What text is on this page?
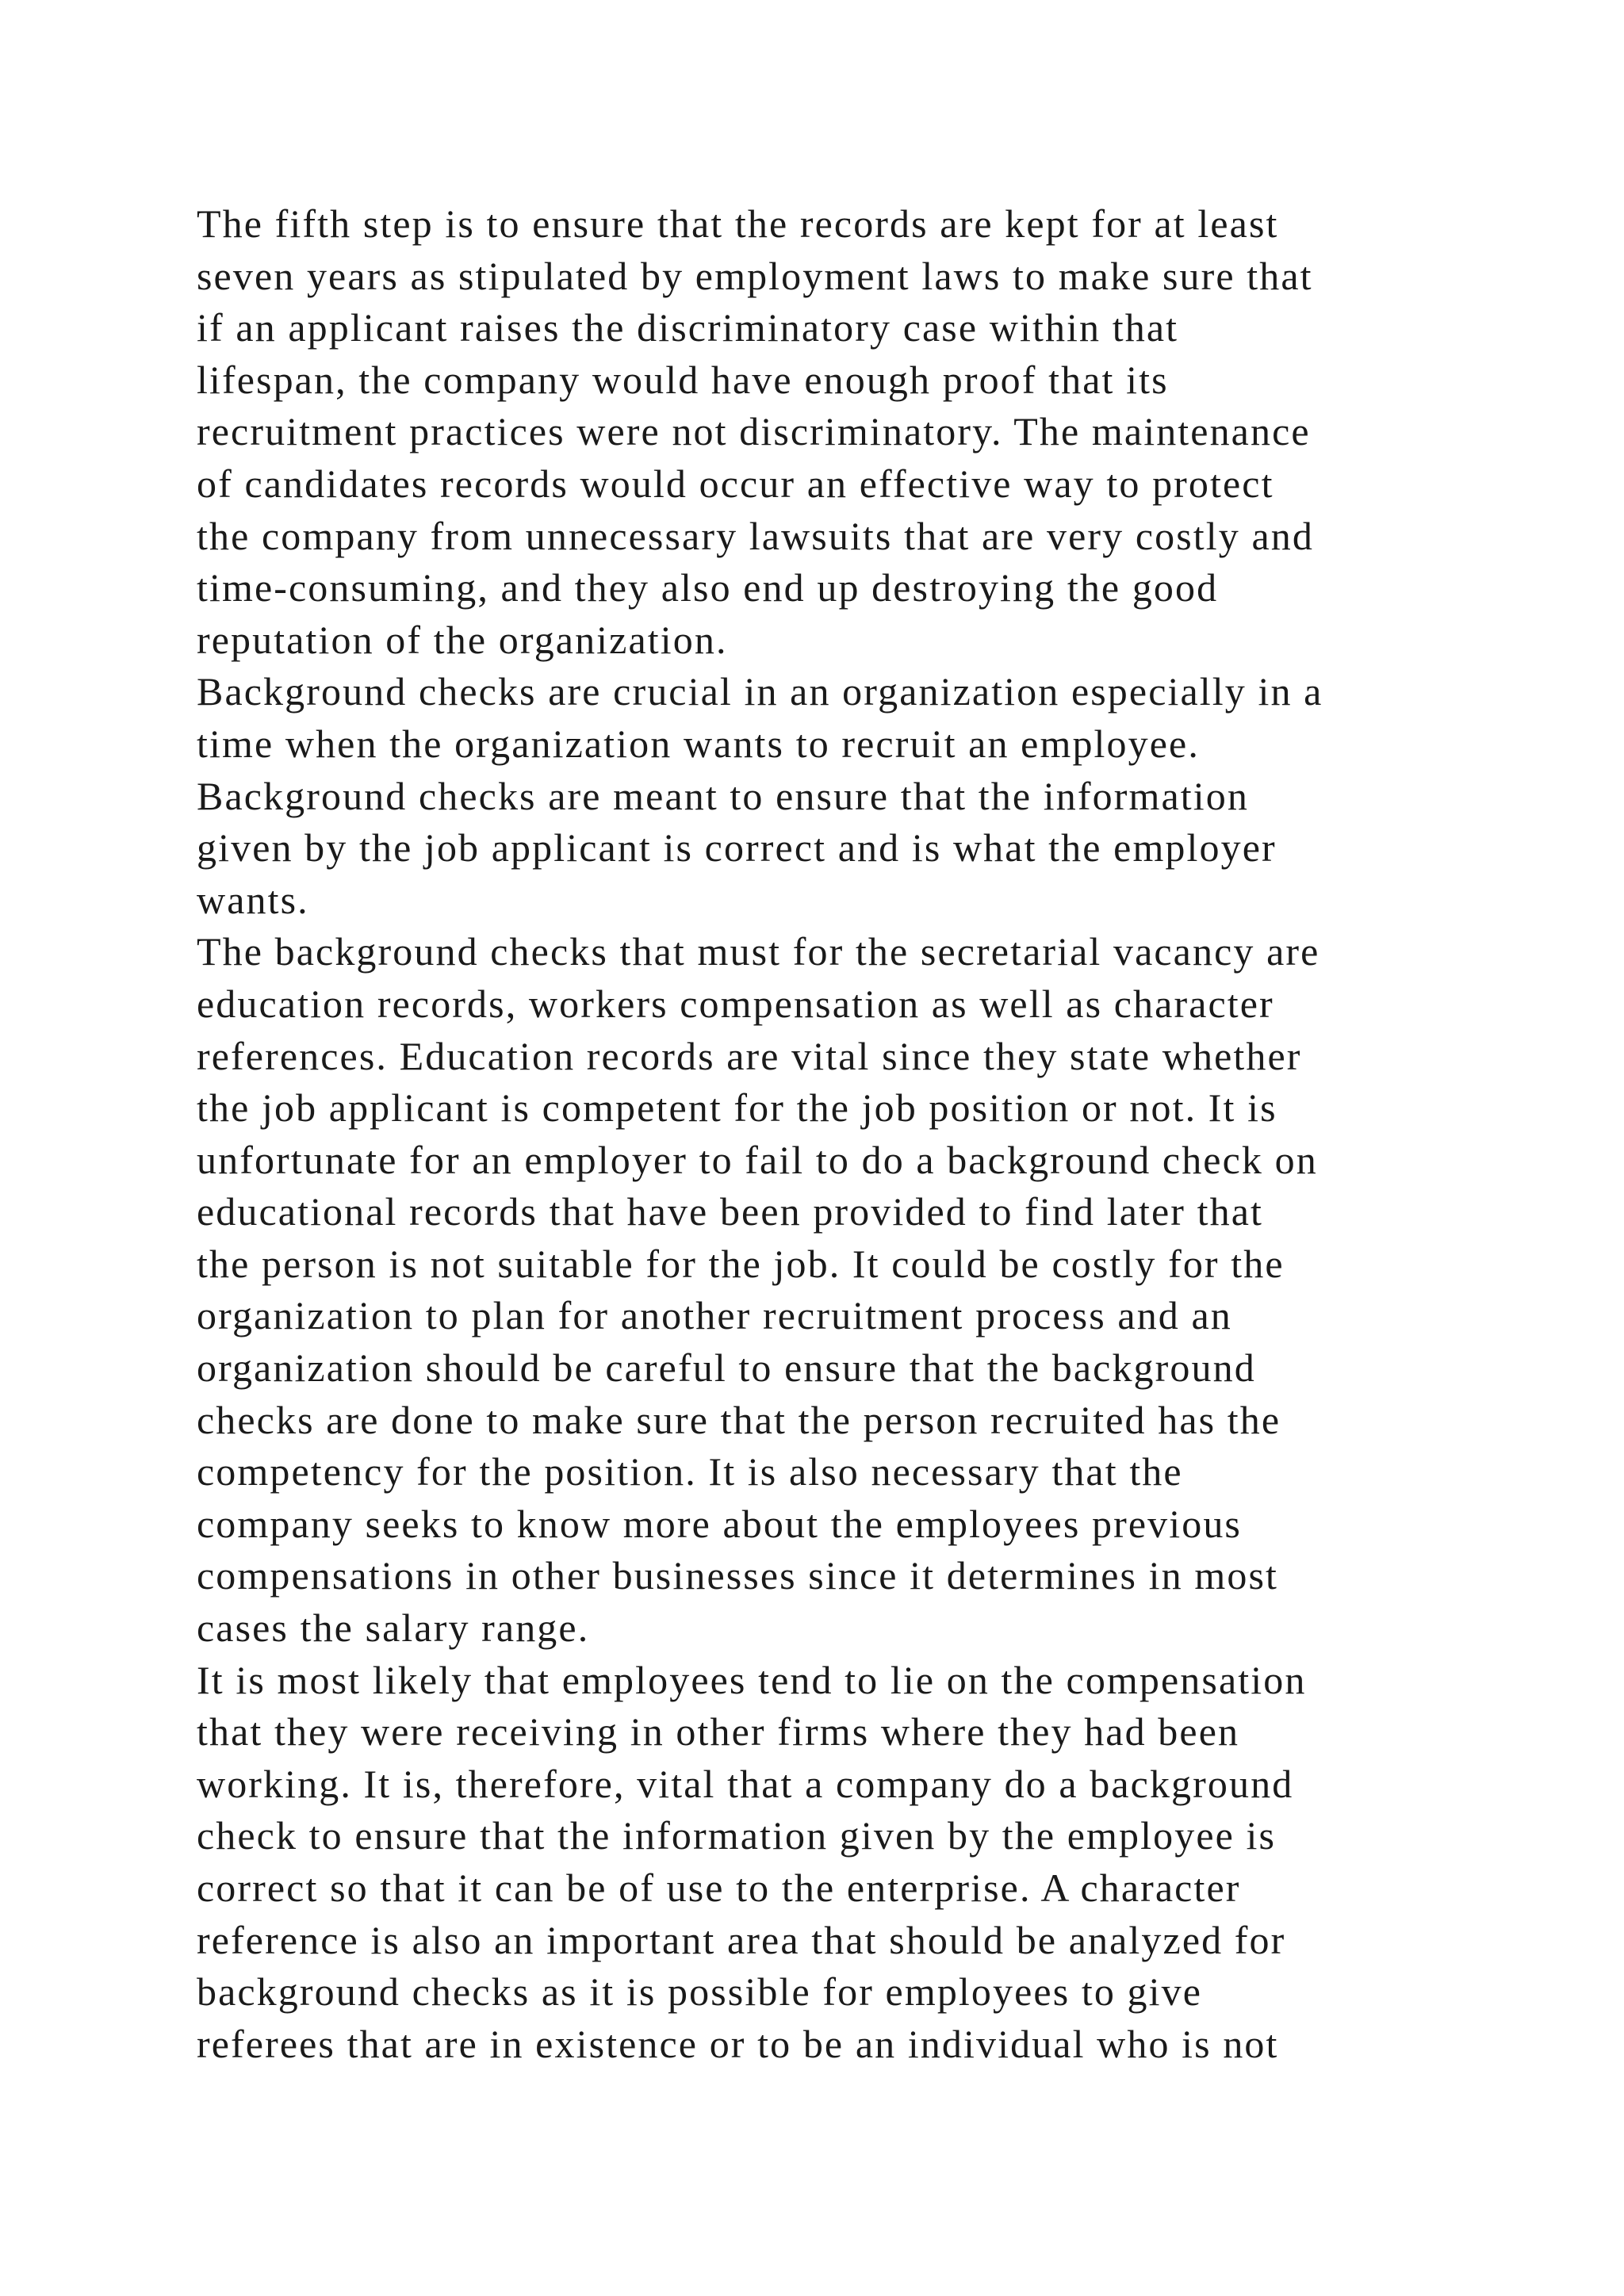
The fifth step is to ensure that the records are kept for at least
seven years as stipulated by employment laws to make sure that
if an applicant raises the discriminatory case within that
lifespan, the company would have enough proof that its
recruitment practices were not discriminatory. The maintenance
of candidates records would occur an effective way to protect
the company from unnecessary lawsuits that are very costly and
time-consuming, and they also end up destroying the good
reputation of the organization.

Background checks are crucial in an organization especially in a
time when the organization wants to recruit an employee.
Background checks are meant to ensure that the information
given by the job applicant is correct and is what the employer
wants.

The background checks that must for the secretarial vacancy are
education records, workers compensation as well as character
references. Education records are vital since they state whether
the job applicant is competent for the job position or not. It is
unfortunate for an employer to fail to do a background check on
educational records that have been provided to find later that
the person is not suitable for the job. It could be costly for the
organization to plan for another recruitment process and an
organization should be careful to ensure that the background
checks are done to make sure that the person recruited has the
competency for the position. It is also necessary that the
company seeks to know more about the employees previous
compensations in other businesses since it determines in most
cases the salary range.

It is most likely that employees tend to lie on the compensation
that they were receiving in other firms where they had been
working. It is, therefore, vital that a company do a background
check to ensure that the information given by the employee is
correct so that it can be of use to the enterprise. A character
reference is also an important area that should be analyzed for
background checks as it is possible for employees to give
referees that are in existence or to be an individual who is not
